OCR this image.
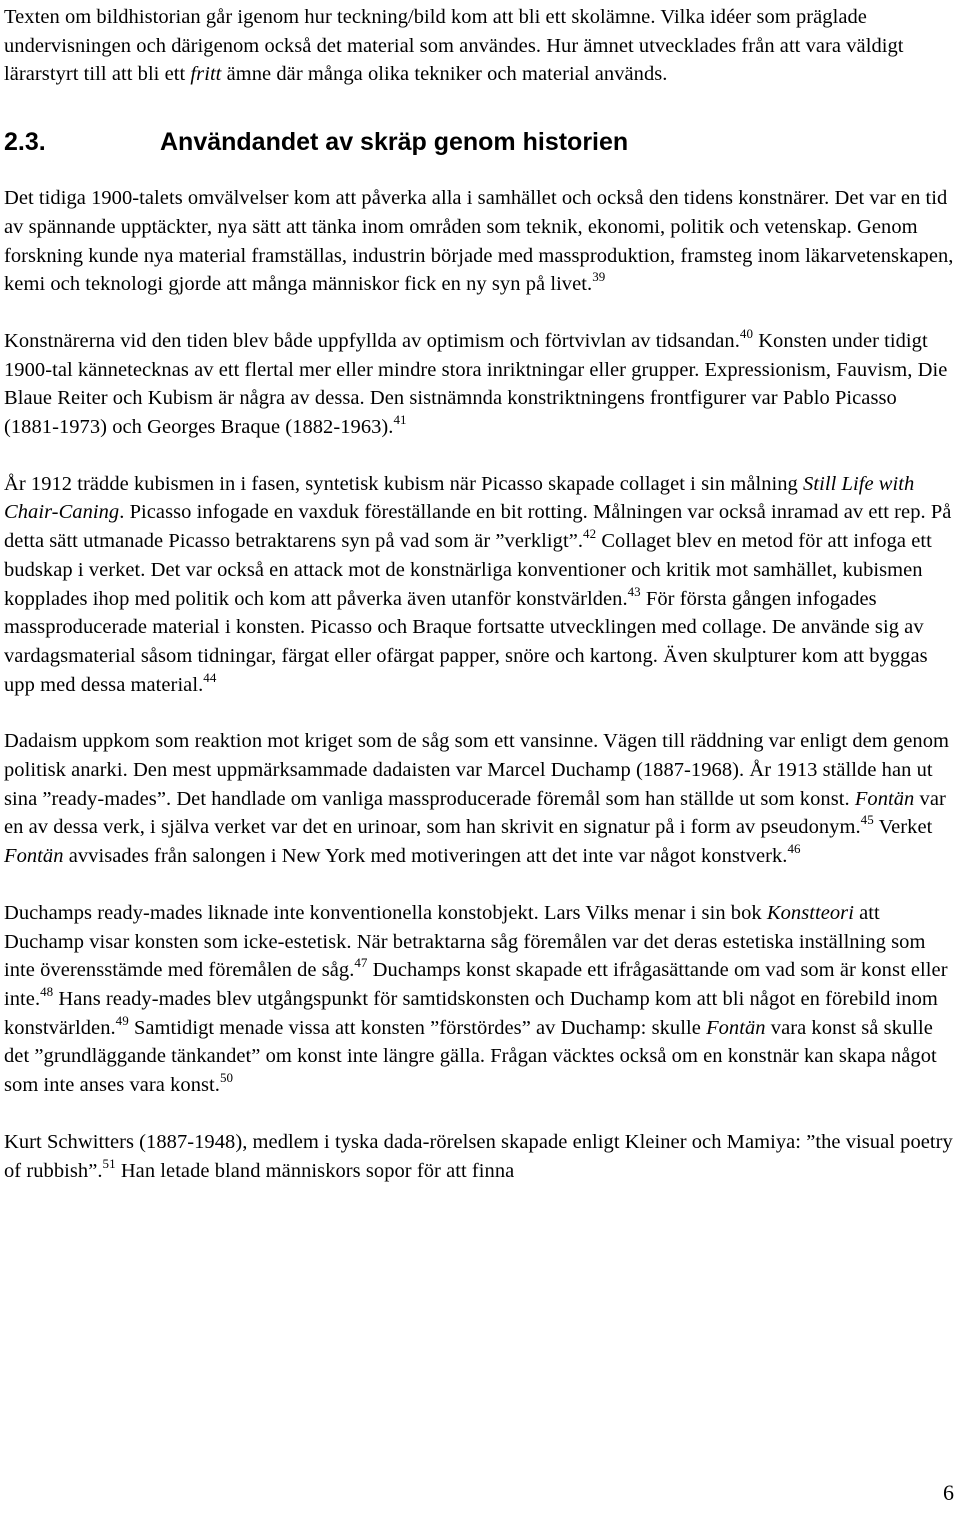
Texten om bildhistorian går igenom hur teckning/bild kom att bli ett skolämne. Vilka idéer som präglade undervisningen och därigenom också det material som användes. Hur ämnet utvecklades från att vara väldigt lärarstyrt till att bli ett fritt ämne där många olika tekniker och material används.

2.3.	Användandet av skräp genom historien

Det tidiga 1900-talets omvälvelser kom att påverka alla i samhället och också den tidens konstnärer. Det var en tid av spännande upptäckter, nya sätt att tänka inom områden som teknik, ekonomi, politik och vetenskap. Genom forskning kunde nya material framställas, industrin började med massproduktion, framsteg inom läkarvetenskapen, kemi och teknologi gjorde att många människor fick en ny syn på livet.$^{39}$

Konstnärerna vid den tiden blev både uppfyllda av optimism och förtvivlan av tidsandan.$^{40}$ Konsten under tidigt 1900-tal kännetecknas av ett flertal mer eller mindre stora inriktningar eller grupper. Expressionism, Fauvism, Die Blaue Reiter och Kubism är några av dessa. Den sistnämnda konstriktningens frontfigurer var Pablo Picasso (1881-1973) och Georges Braque (1882-1963).$^{41}$

År 1912 trädde kubismen in i fasen, syntetisk kubism när Picasso skapade collaget i sin målning Still Life with Chair-Caning. Picasso infogade en vaxduk föreställande en bit rotting. Målningen var också inramad av ett rep. På detta sätt utmanade Picasso betraktarens syn på vad som är ”verkligt”.$^{42}$ Collaget blev en metod för att infoga ett budskap i verket. Det var också en attack mot de konstnärliga konventioner och kritik mot samhället, kubismen kopplades ihop med politik och kom att påverka även utanför konstvärlden.$^{43}$ För första gången infogades massproducerade material i konsten. Picasso och Braque fortsatte utvecklingen med collage. De använde sig av vardagsmaterial såsom tidningar, färgat eller ofärgat papper, snöre och kartong. Även skulpturer kom att byggas upp med dessa material.$^{44}$

Dadaism uppkom som reaktion mot kriget som de såg som ett vansinne. Vägen till räddning var enligt dem genom politisk anarki. Den mest uppmärksammade dadaisten var Marcel Duchamp (1887-1968). År 1913 ställde han ut sina ”ready-mades”. Det handlade om vanliga massproducerade föremål som han ställde ut som konst. Fontän var en av dessa verk, i själva verket var det en urinoar, som han skrivit en signatur på i form av pseudonym.$^{45}$ Verket Fontän avvisades från salongen i New York med motiveringen att det inte var något konstverk.$^{46}$

Duchamps ready-mades liknade inte konventionella konstobjekt. Lars Vilks menar i sin bok Konstteori att Duchamp visar konsten som icke-estetisk. När betraktarna såg föremålen var det deras estetiska inställning som inte överensstämde med föremålen de såg.$^{47}$ Duchamps konst skapade ett ifrågasättande om vad som är konst eller inte.$^{48}$ Hans ready-mades blev utgångspunkt för samtidskonsten och Duchamp kom att bli något en förebild inom konstvärlden.$^{49}$ Samtidigt menade vissa att konsten ”förstördes” av Duchamp: skulle Fontän vara konst så skulle det ”grundläggande tänkandet” om konst inte längre gälla. Frågan väcktes också om en konstnär kan skapa något som inte anses vara konst.$^{50}$

Kurt Schwitters (1887-1948), medlem i tyska dada-rörelsen skapade enligt Kleiner och Mamiya: ”the visual poetry of rubbish”.$^{51}$ Han letade bland människors sopor för att finna

6
